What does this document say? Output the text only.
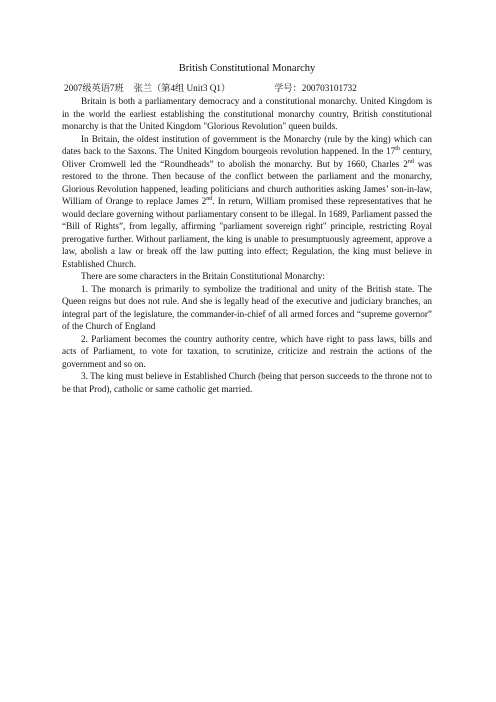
British Constitutional Monarchy
2007级英语7班 张兰（第4组 Unit3 Q1）	学号：200703101732

Britain is both a parliamentary democracy and a constitutional monarchy. United Kingdom is in the world the earliest establishing the constitutional monarchy country, British constitutional monarchy is that the United Kingdom "Glorious Revolution" queen builds.

In Britain, the oldest institution of government is the Monarchy (rule by the king) which can dates back to the Saxons. The United Kingdom bourgeois revolution happened. In the 17th century, Oliver Cromwell led the “Roundheads” to abolish the monarchy. But by 1660, Charles 2nd was restored to the throne. Then because of the conflict between the parliament and the monarchy, Glorious Revolution happened, leading politicians and church authorities asking James’ son-in-law, William of Orange to replace James 2nd. In return, William promised these representatives that he would declare governing without parliamentary consent to be illegal. In 1689, Parliament passed the “Bill of Rights”, from legally, affirming "parliament sovereign right" principle, restricting Royal prerogative further. Without parliament, the king is unable to presumptuously agreement, approve a law, abolish a law or break off the law putting into effect; Regulation, the king must believe in Established Church.

There are some characters in the Britain Constitutional Monarchy:

1. The monarch is primarily to symbolize the traditional and unity of the British state. The Queen reigns but does not rule. And she is legally head of the executive and judiciary branches, an integral part of the legislature, the commander-in-chief of all armed forces and “supreme governor” of the Church of England

2. Parliament becomes the country authority centre, which have right to pass laws, bills and acts of Parliament, to vote for taxation, to scrutinize, criticize and restrain the actions of the government and so on.

3. The king must believe in Established Church (being that person succeeds to the throne not to be that Prod), catholic or same catholic get married.
